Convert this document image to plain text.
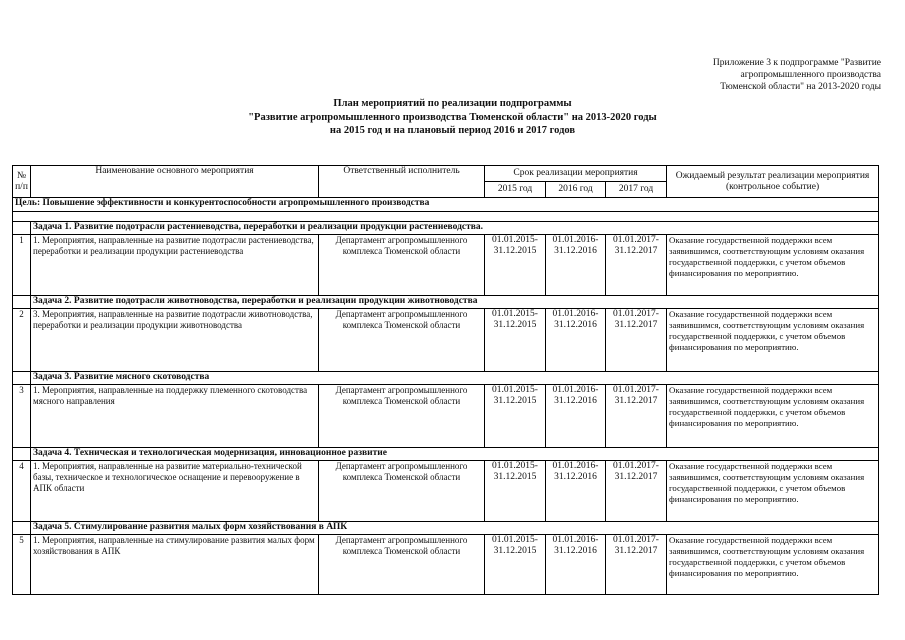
Приложение 3 к подпрограмме "Развитие
агропромышленного производства
Тюменской области" на 2013-2020 годы
План мероприятий по реализации подпрограммы
"Развитие агропромышленного производства Тюменской области" на 2013-2020 годы
на 2015 год и на плановый период 2016 и 2017 годов
№
п/п	Наименование основного мероприятия	Ответственный исполнитель	Срок реализации мероприятия			Ожидаемый результат реализации мероприятия (контрольное событие)
			2015 год	2016 год	2017 год	
Цель: Повышение эффективности и конкурентоспособности агропромышленного производства						

	Задача 1. Развитие подотрасли растениеводства, переработки и реализации продукции растениеводства.					
1	1. Мероприятия, направленные на развитие подотрасли растениеводства, переработки и реализации продукции растениеводства	Департамент агропромышленного комплекса Тюменской области	01.01.2015-31.12.2015	01.01.2016-31.12.2016	01.01.2017-31.12.2017	Оказание государственной поддержки всем заявившимся, соответствующим условиям оказания государственной поддержки, с учетом объемов финансирования по мероприятию.
	Задача 2. Развитие подотрасли животноводства, переработки и реализации продукции животноводства					
2	3. Мероприятия, направленные на развитие подотрасли животноводства, переработки и реализации продукции животноводства	Департамент агропромышленного комплекса Тюменской области	01.01.2015-31.12.2015	01.01.2016-31.12.2016	01.01.2017-31.12.2017	Оказание государственной поддержки всем заявившимся, соответствующим условиям оказания государственной поддержки, с учетом объемов финансирования по мероприятию.
	Задача 3. Развитие мясного скотоводства					
3	1. Мероприятия, направленные на поддержку племенного скотоводства мясного направления	Департамент агропромышленного комплекса Тюменской области	01.01.2015-31.12.2015	01.01.2016-31.12.2016	01.01.2017-31.12.2017	Оказание государственной поддержки всем заявившимся, соответствующим условиям оказания государственной поддержки, с учетом объемов финансирования по мероприятию.
	Задача 4. Техническая и технологическая модернизация, инновационное развитие					
4	1. Мероприятия, направленные на развитие материально-технической базы, техническое и технологическое оснащение и перевооружение в АПК области	Департамент агропромышленного комплекса Тюменской области	01.01.2015-31.12.2015	01.01.2016-31.12.2016	01.01.2017-31.12.2017	Оказание государственной поддержки всем заявившимся, соответствующим условиям оказания государственной поддержки, с учетом объемов финансирования по мероприятию.
	Задача 5. Стимулирование развития малых форм хозяйствования в АПК					
5	1. Мероприятия, направленные на стимулирование развития малых форм хозяйствования в АПК	Департамент агропромышленного комплекса Тюменской области	01.01.2015-31.12.2015	01.01.2016-31.12.2016	01.01.2017-31.12.2017	Оказание государственной поддержки всем заявившимся, соответствующим условиям оказания государственной поддержки, с учетом объемов финансирования по мероприятию.
